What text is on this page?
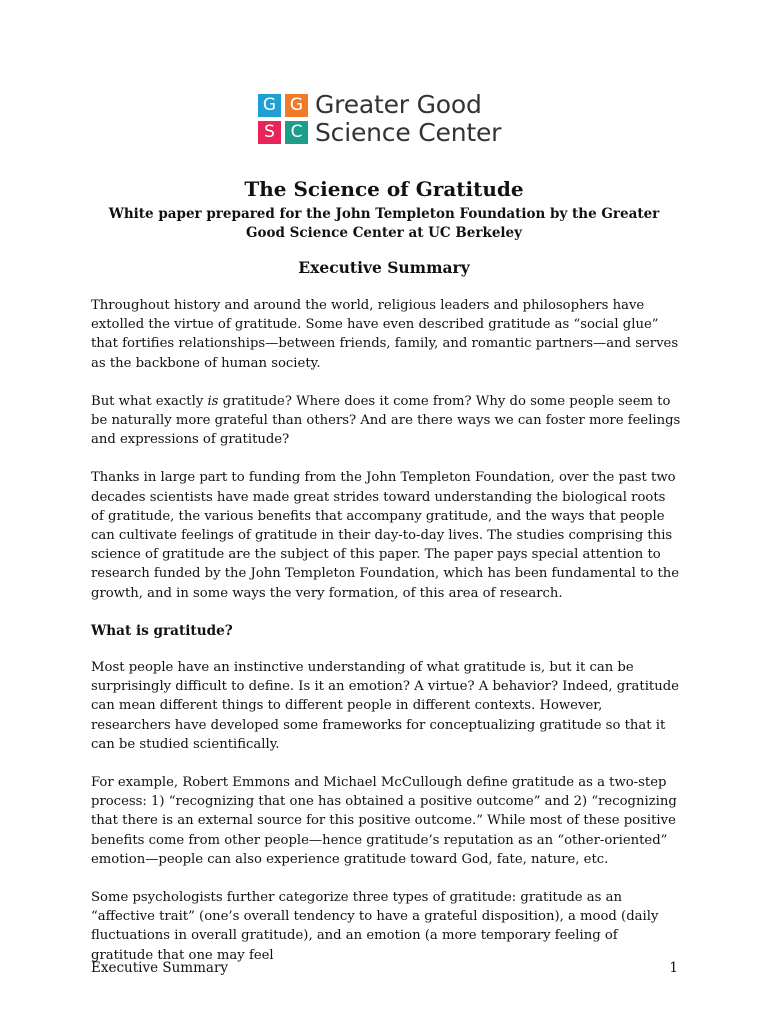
G G
S C
Greater Good
Science Center
The Science of Gratitude

White paper prepared for the John Templeton Foundation by the Greater Good Science Center at UC Berkeley

Executive Summary

Throughout history and around the world, religious leaders and philosophers have extolled the virtue of gratitude. Some have even described gratitude as “social glue” that fortifies relationships—between friends, family, and romantic partners—and serves as the backbone of human society.

But what exactly is gratitude? Where does it come from? Why do some people seem to be naturally more grateful than others? And are there ways we can foster more feelings and expressions of gratitude?

Thanks in large part to funding from the John Templeton Foundation, over the past two decades scientists have made great strides toward understanding the biological roots of gratitude, the various benefits that accompany gratitude, and the ways that people can cultivate feelings of gratitude in their day-to-day lives. The studies comprising this science of gratitude are the subject of this paper. The paper pays special attention to research funded by the John Templeton Foundation, which has been fundamental to the growth, and in some ways the very formation, of this area of research.

What is gratitude?

Most people have an instinctive understanding of what gratitude is, but it can be surprisingly difficult to define. Is it an emotion? A virtue? A behavior? Indeed, gratitude can mean different things to different people in different contexts. However, researchers have developed some frameworks for conceptualizing gratitude so that it can be studied scientifically.

For example, Robert Emmons and Michael McCullough define gratitude as a two-step process: 1) “recognizing that one has obtained a positive outcome” and 2) “recognizing that there is an external source for this positive outcome.” While most of these positive benefits come from other people—hence gratitude’s reputation as an “other-oriented” emotion—people can also experience gratitude toward God, fate, nature, etc.

Some psychologists further categorize three types of gratitude: gratitude as an “affective trait” (one’s overall tendency to have a grateful disposition), a mood (daily fluctuations in overall gratitude), and an emotion (a more temporary feeling of gratitude that one may feel

Executive Summary	1
